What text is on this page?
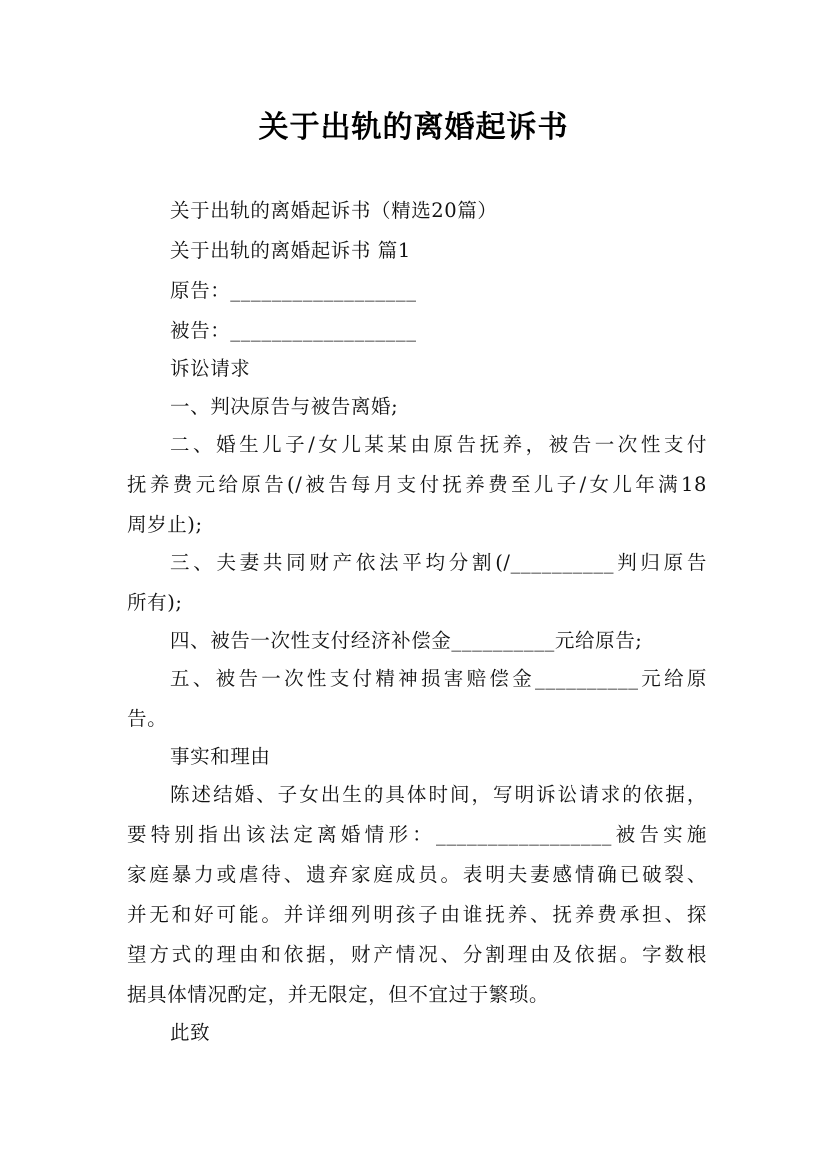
关于出轨的离婚起诉书
关于出轨的离婚起诉书（精选20篇）
关于出轨的离婚起诉书 篇1
原告：__________________
被告：__________________
诉讼请求
一、判决原告与被告离婚;
二、婚生儿子/女儿某某由原告抚养，被告一次性支付
抚养费元给原告(/被告每月支付抚养费至儿子/女儿年满18
周岁止);
三、夫妻共同财产依法平均分割(/__________判归原告
所有);
四、被告一次性支付经济补偿金__________元给原告;
五、被告一次性支付精神损害赔偿金__________元给原
告。
事实和理由
陈述结婚、子女出生的具体时间，写明诉讼请求的依据，
要特别指出该法定离婚情形：_________________被告实施
家庭暴力或虐待、遗弃家庭成员。表明夫妻感情确已破裂、
并无和好可能。并详细列明孩子由谁抚养、抚养费承担、探
望方式的理由和依据，财产情况、分割理由及依据。字数根
据具体情况酌定，并无限定，但不宜过于繁琐。
此致
